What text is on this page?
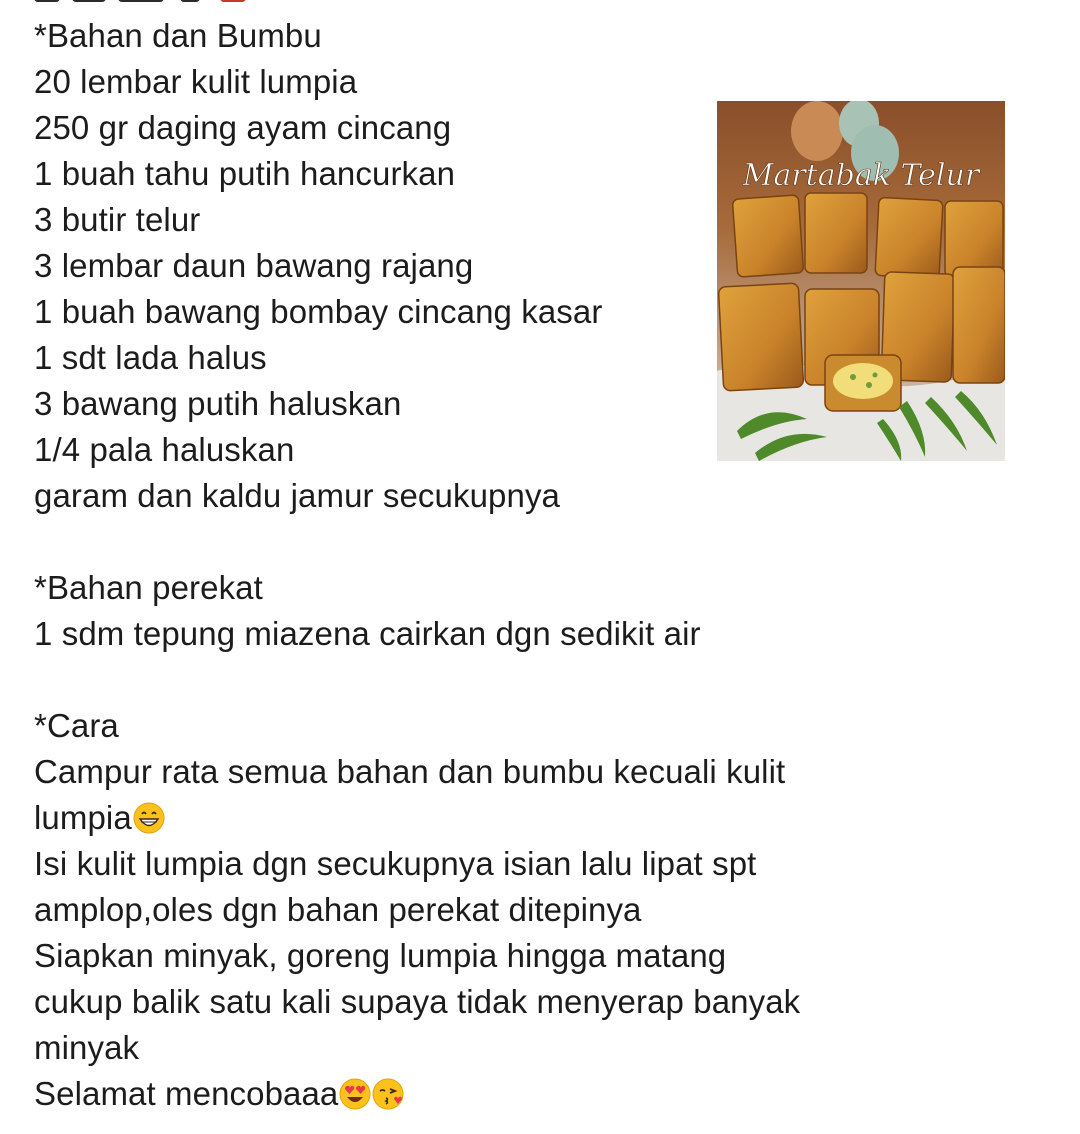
*Bahan dan Bumbu
20 lembar kulit lumpia
250 gr daging ayam cincang
1 buah tahu putih hancurkan
3 butir telur
3 lembar daun bawang rajang
1 buah bawang bombay cincang kasar
1 sdt lada halus
3 bawang putih haluskan
1/4 pala haluskan
garam dan kaldu jamur secukupnya
*Bahan perekat
1 sdm tepung miazena cairkan dgn sedikit air
*Cara
Campur rata semua bahan dan bumbu kecuali kulit
lumpia
Isi kulit lumpia dgn secukupnya isian lalu lipat spt
amplop,oles dgn bahan perekat ditepinya
Siapkan minyak, goreng lumpia hingga matang
cukup balik satu kali supaya tidak menyerap banyak
minyak
Selamat mencobaaa
Martabak Telur
